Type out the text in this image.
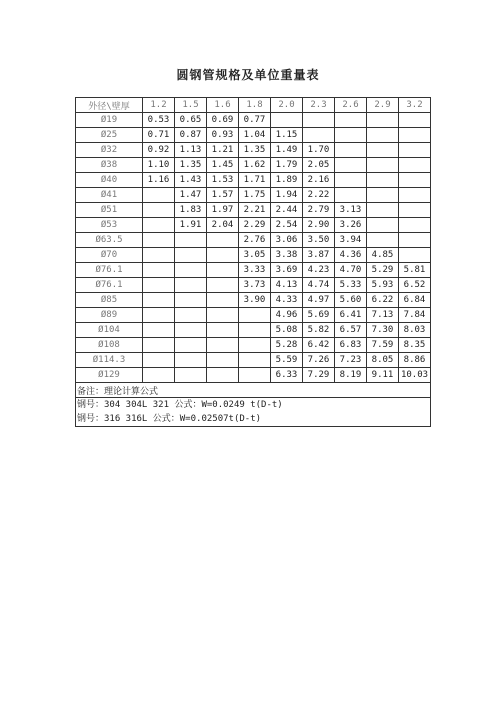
圆钢管规格及单位重量表
外径\壁厚	1.2	1.5	1.6	1.8	2.0	2.3	2.6	2.9	3.2
Ø19	0.53	0.65	0.69	0.77					
Ø25	0.71	0.87	0.93	1.04	1.15				
Ø32	0.92	1.13	1.21	1.35	1.49	1.70			
Ø38	1.10	1.35	1.45	1.62	1.79	2.05			
Ø40	1.16	1.43	1.53	1.71	1.89	2.16			
Ø41		1.47	1.57	1.75	1.94	2.22			
Ø51		1.83	1.97	2.21	2.44	2.79	3.13		
Ø53		1.91	2.04	2.29	2.54	2.90	3.26		
Ø63.5				2.76	3.06	3.50	3.94		
Ø70				3.05	3.38	3.87	4.36	4.85	
Ø76.1				3.33	3.69	4.23	4.70	5.29	5.81
Ø76.1				3.73	4.13	4.74	5.33	5.93	6.52
Ø85				3.90	4.33	4.97	5.60	6.22	6.84
Ø89					4.96	5.69	6.41	7.13	7.84
Ø104					5.08	5.82	6.57	7.30	8.03
Ø108					5.28	6.42	6.83	7.59	8.35
Ø114.3					5.59	7.26	7.23	8.05	8.86
Ø129					6.33	7.29	8.19	9.11	10.03
备注：理论计算公式									

钢号：304 304L 321 公式：W=0.0249 t(D-t)
钢号：316 316L 公式：W=0.02507t(D-t)									
